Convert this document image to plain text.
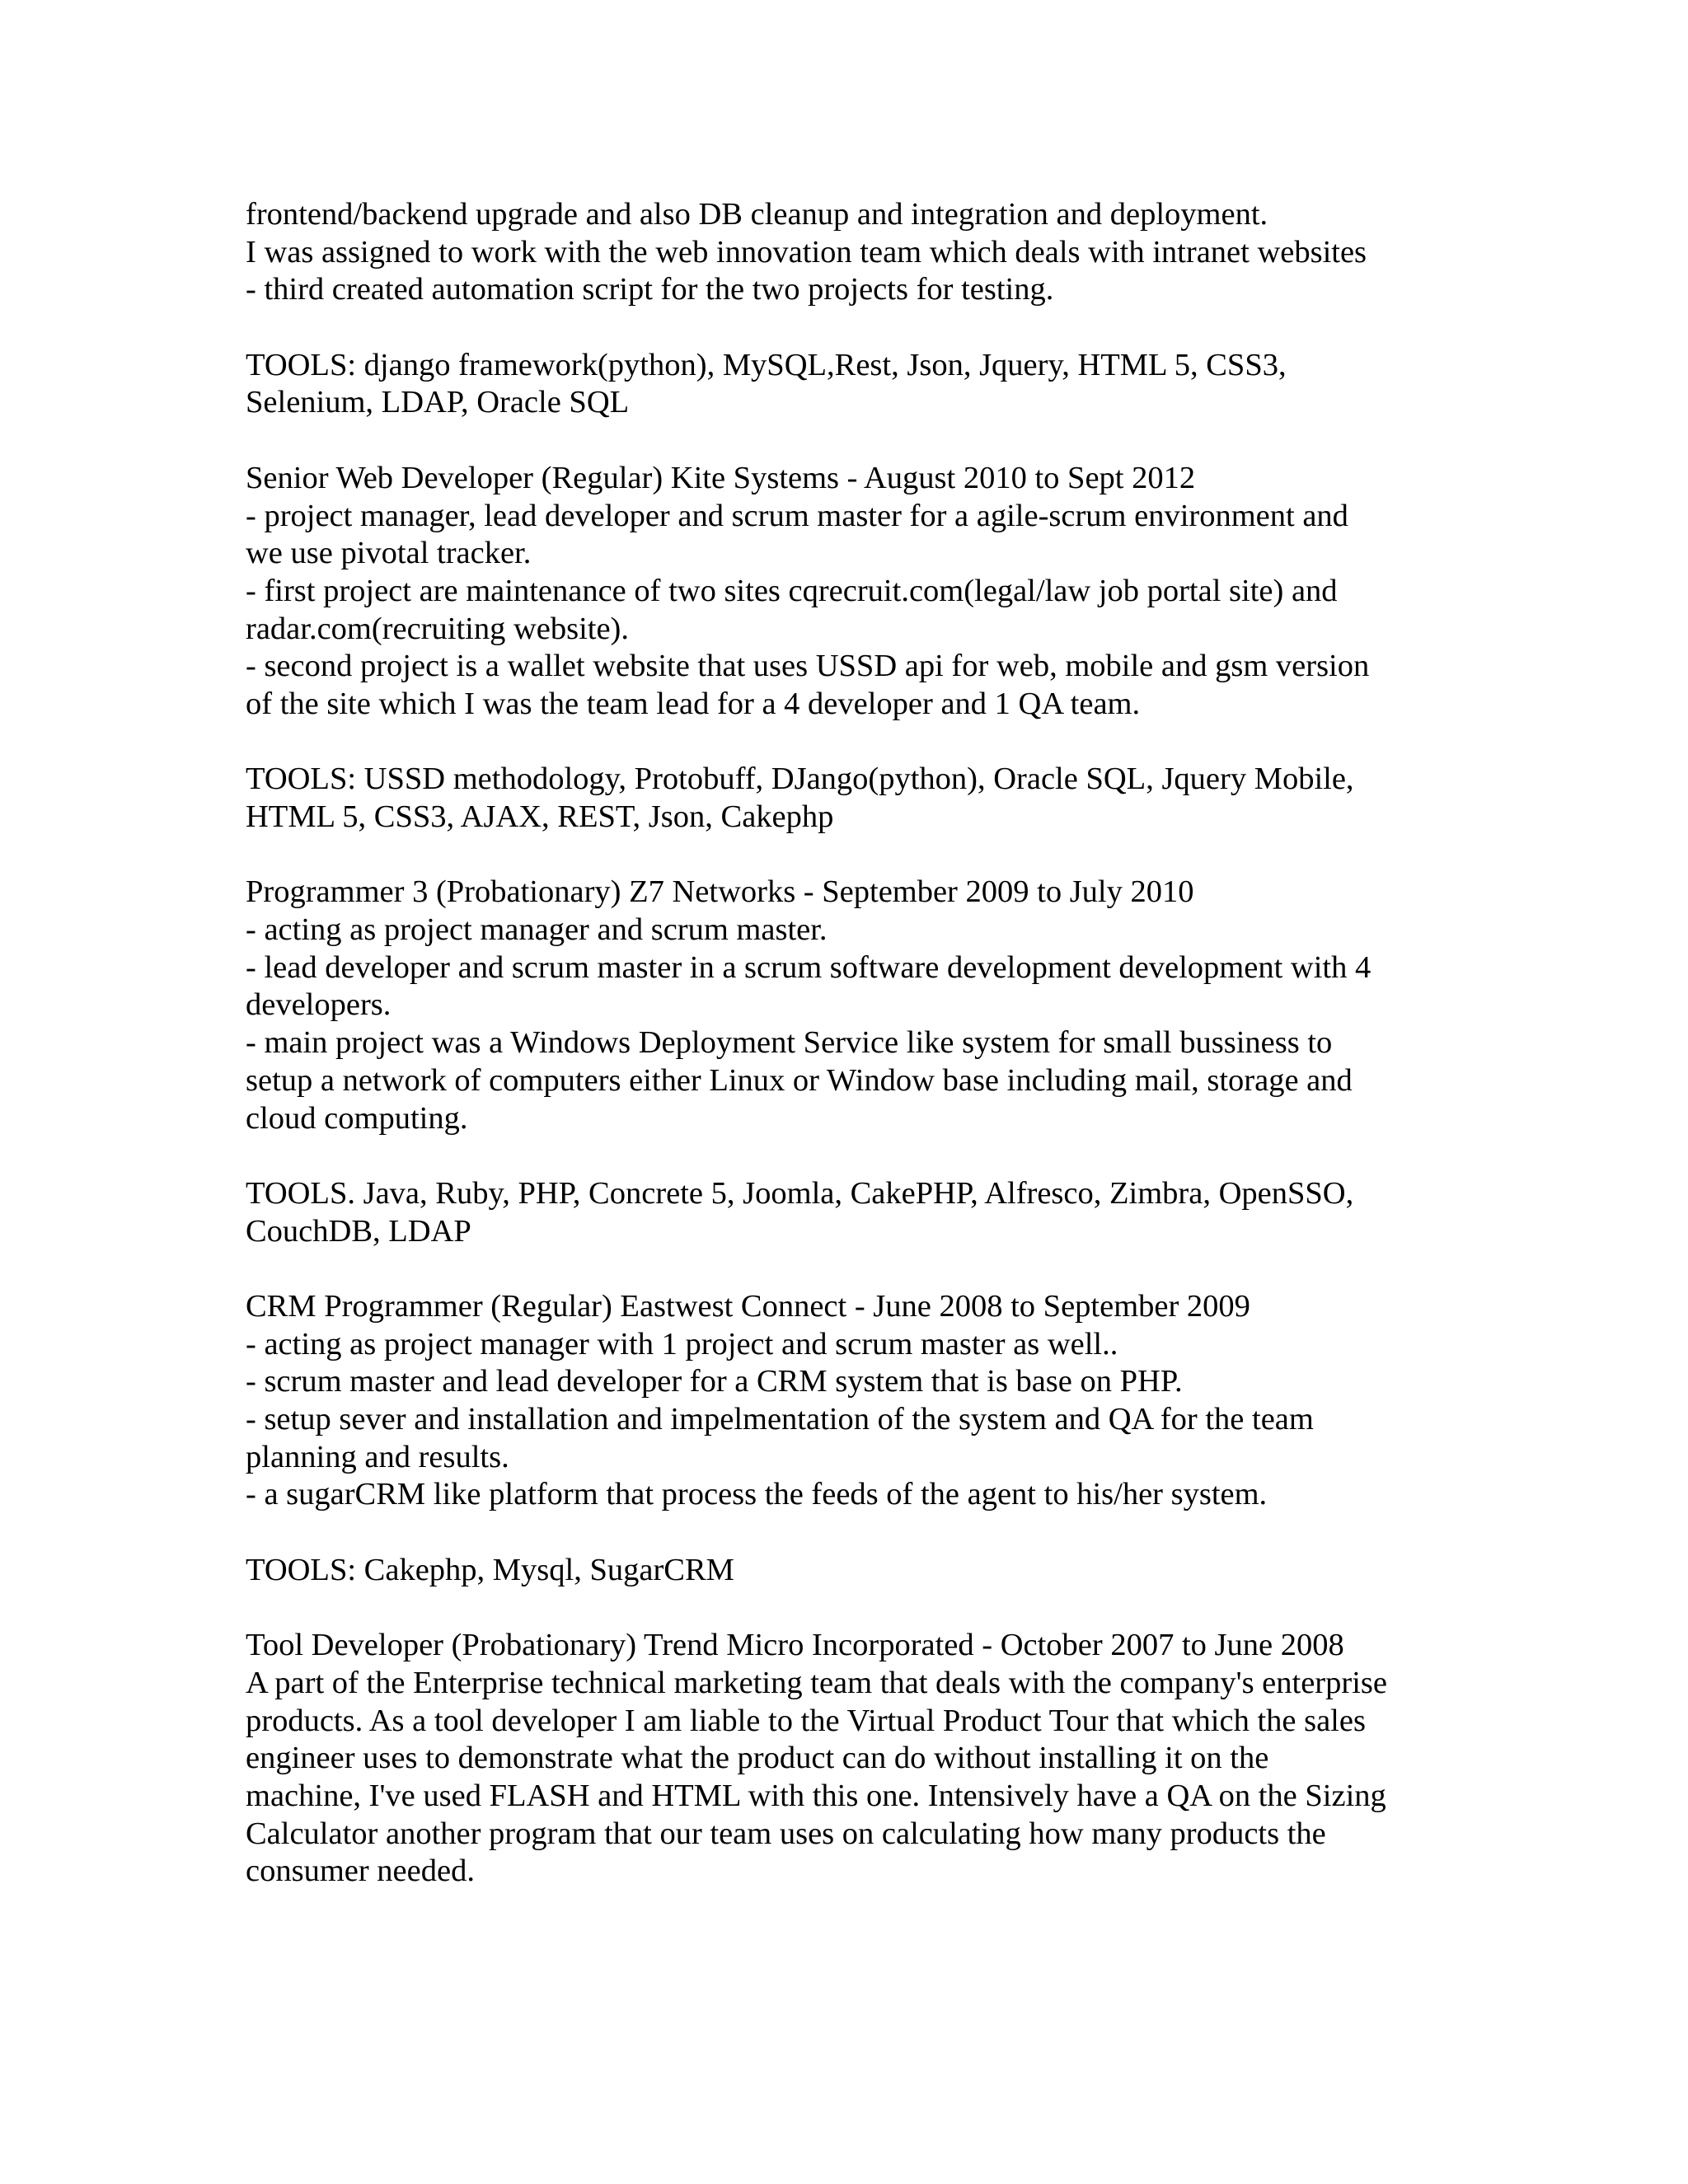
frontend/backend upgrade and also DB cleanup and integration and deployment.
I was assigned to work with the web innovation team which deals with intranet websites
- third created automation script for the two projects for testing.
TOOLS: django framework(python), MySQL,Rest, Json, Jquery, HTML 5, CSS3,
Selenium, LDAP, Oracle SQL
Senior Web Developer (Regular) Kite Systems - August 2010 to Sept 2012
- project manager, lead developer and scrum master for a agile-scrum environment and
we use pivotal tracker.
- first project are maintenance of two sites cqrecruit.com(legal/law job portal site) and
radar.com(recruiting website).
- second project is a wallet website that uses USSD api for web, mobile and gsm version
of the site which I was the team lead for a 4 developer and 1 QA team.
TOOLS: USSD methodology, Protobuff, DJango(python), Oracle SQL, Jquery Mobile,
HTML 5, CSS3, AJAX, REST, Json, Cakephp
Programmer 3 (Probationary) Z7 Networks - September 2009 to July 2010
- acting as project manager and scrum master.
- lead developer and scrum master in a scrum software development development with 4
developers.
- main project was a Windows Deployment Service like system for small bussiness to
setup a network of computers either Linux or Window base including mail, storage and
cloud computing.
TOOLS. Java, Ruby, PHP, Concrete 5, Joomla, CakePHP, Alfresco, Zimbra, OpenSSO,
CouchDB, LDAP
CRM Programmer (Regular) Eastwest Connect - June 2008 to September 2009
- acting as project manager with 1 project and scrum master as well..
- scrum master and lead developer for a CRM system that is base on PHP.
- setup sever and installation and impelmentation of the system and QA for the team
planning and results.
- a sugarCRM like platform that process the feeds of the agent to his/her system.
TOOLS: Cakephp, Mysql, SugarCRM
Tool Developer (Probationary) Trend Micro Incorporated - October 2007 to June 2008
A part of the Enterprise technical marketing team that deals with the company's enterprise
products. As a tool developer I am liable to the Virtual Product Tour that which the sales
engineer uses to demonstrate what the product can do without installing it on the
machine, I've used FLASH and HTML with this one. Intensively have a QA on the Sizing
Calculator another program that our team uses on calculating how many products the
consumer needed.
